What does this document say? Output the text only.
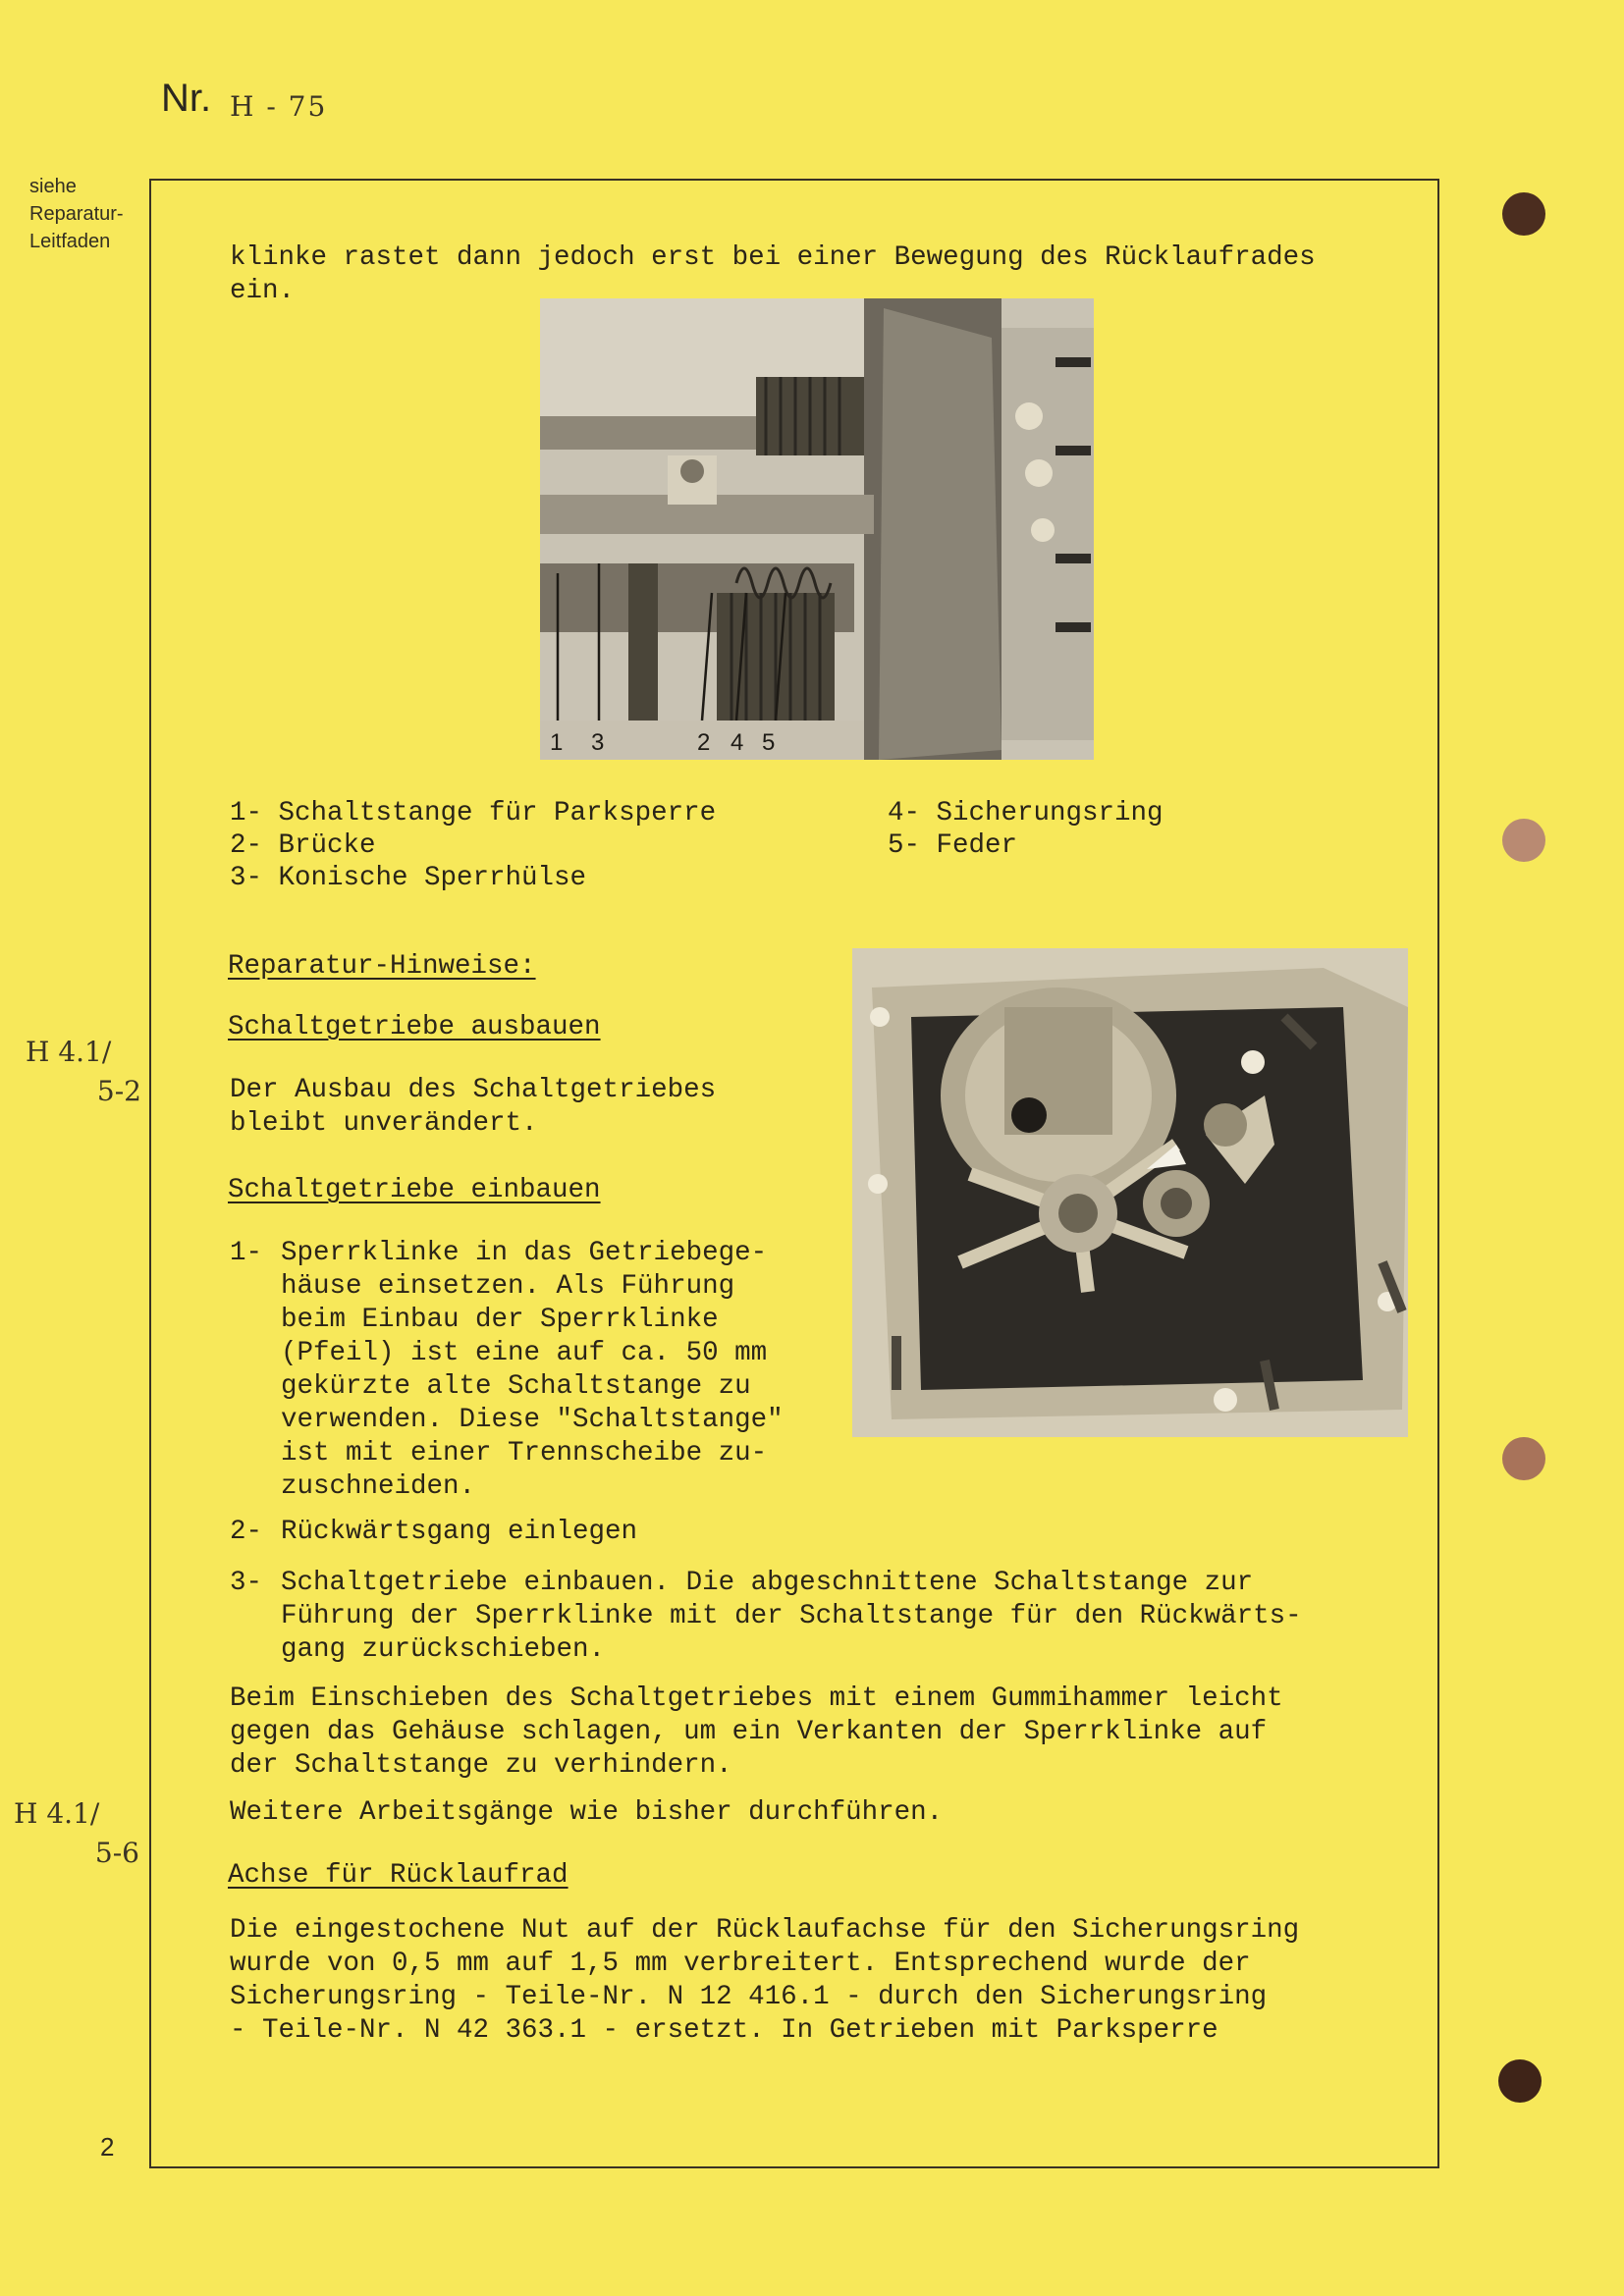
Nr. H - 75
siehe
Reparatur-
Leitfaden
H 4.1/
5-2
H 4.1/
5-6
klinke rastet dann jedoch erst bei einer Bewegung des Rücklaufrades
ein.
1 3	2 4 5
1- Schaltstange für Parksperre
2- Brücke
3- Konische Sperrhülse
4- Sicherungsring
5- Feder
Reparatur-Hinweise:
Schaltgetriebe ausbauen
Der Ausbau des Schaltgetriebes
bleibt unverändert.
Schaltgetriebe einbauen
1- Sperrklinke in das Getriebege-
häuse einsetzen. Als Führung
beim Einbau der Sperrklinke
(Pfeil) ist eine auf ca. 50 mm
gekürzte alte Schaltstange zu
verwenden. Diese "Schaltstange"
ist mit einer Trennscheibe zu-
zuschneiden.
2- Rückwärtsgang einlegen
3- Schaltgetriebe einbauen. Die abgeschnittene Schaltstange zur
Führung der Sperrklinke mit der Schaltstange für den Rückwärts-
gang zurückschieben.
Beim Einschieben des Schaltgetriebes mit einem Gummihammer leicht
gegen das Gehäuse schlagen, um ein Verkanten der Sperrklinke auf
der Schaltstange zu verhindern.
Weitere Arbeitsgänge wie bisher durchführen.
Achse für Rücklaufrad
Die eingestochene Nut auf der Rücklaufachse für den Sicherungsring
wurde von 0,5 mm auf 1,5 mm verbreitert. Entsprechend wurde der
Sicherungsring - Teile-Nr. N 12 416.1 - durch den Sicherungsring
- Teile-Nr. N 42 363.1 - ersetzt. In Getrieben mit Parksperre
2
